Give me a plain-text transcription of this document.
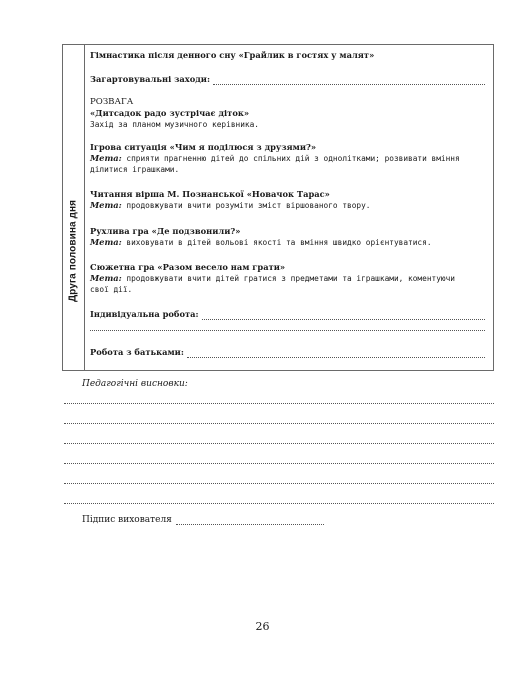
Друга половина дня
Гімнастика після денного сну «Грайлик в гостях у малят»
Загартовувальні заходи:
РОЗВАГА
«Дитсадок радо зустрічає діток»
Захід за планом музичного керівника.
Ігрова ситуація «Чим я поділюся з друзями?»
Мета: сприяти прагненню дітей до спільних дій з однолітками; розвивати вміння
ділитися іграшками.
Читання вірша М. Познанської «Новачок Тарас»
Мета: продовжувати вчити розуміти зміст віршованого твору.
Рухлива гра «Де подзвонили?»
Мета: виховувати в дітей вольові якості та вміння швидко орієнтуватися.
Сюжетна гра «Разом весело нам грати»
Мета: продовжувати вчити дітей гратися з предметами та іграшками, коментуючи
свої дії.
Індивідуальна робота:
Робота з батьками:
Педагогічні висновки:
Підпис вихователя
26
